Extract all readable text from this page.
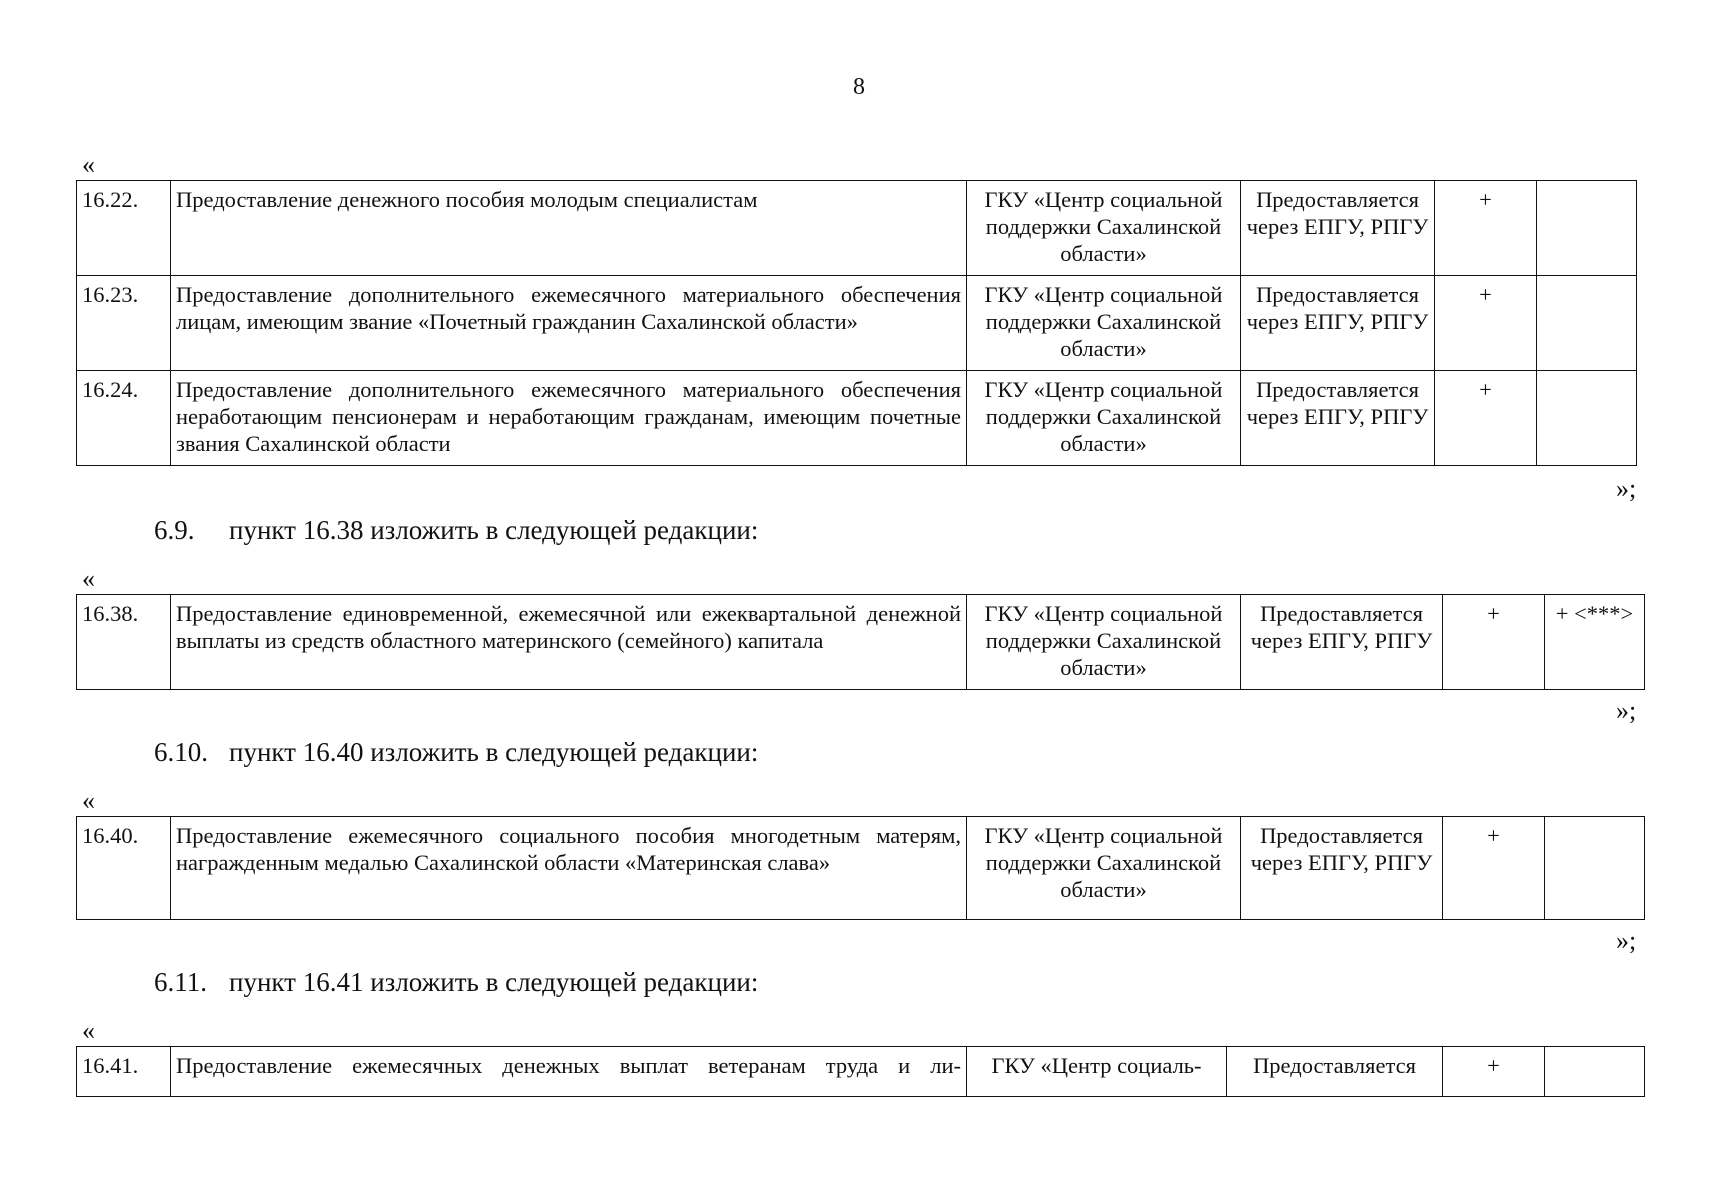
8
«
16.22.	Предоставление денежного пособия молодым специалистам	ГКУ «Центр социальной поддержки Сахалинской области»	Предоставляется через ЕПГУ, РПГУ	+	
16.23.	Предоставление дополнительного ежемесячного материального обеспечения лицам, имеющим звание «Почетный гражданин Сахалинской области»	ГКУ «Центр социальной поддержки Сахалинской области»	Предоставляется через ЕПГУ, РПГУ	+	
16.24.	Предоставление дополнительного ежемесячного материального обеспечения неработающим пенсионерам и неработающим гражданам, имеющим почетные звания Сахалинской области	ГКУ «Центр социальной поддержки Сахалинской области»	Предоставляется через ЕПГУ, РПГУ	+	
»;
6.9. пункт 16.38 изложить в следующей редакции:
«
16.38.	Предоставление единовременной, ежемесячной или ежеквартальной денежной выплаты из средств областного материнского (семейного) капитала	ГКУ «Центр социальной поддержки Сахалинской области»	Предоставляется через ЕПГУ, РПГУ	+	+ <***>
»;
6.10. пункт 16.40 изложить в следующей редакции:
«
16.40.	Предоставление ежемесячного социального пособия многодетным матерям, награжденным медалью Сахалинской области «Материнская слава»	ГКУ «Центр социальной поддержки Сахалинской области»	Предоставляется через ЕПГУ, РПГУ	+	
»;
6.11. пункт 16.41 изложить в следующей редакции:
«
16.41.	Предоставление ежемесячных денежных выплат ветеранам труда и ли-	ГКУ «Центр социаль-	Предоставляется	+	
